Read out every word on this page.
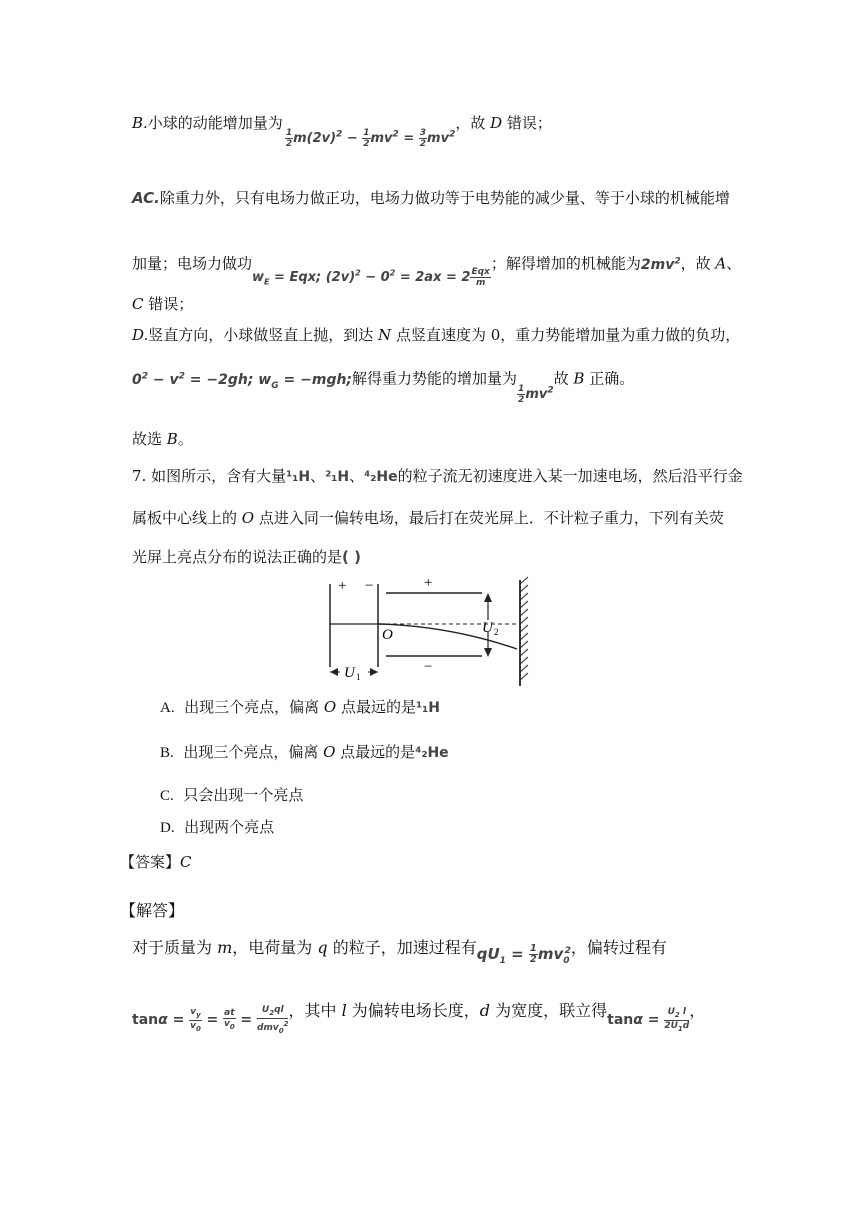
B.小球的动能增加量为
$\frac{1}{2} m(2v)^2 - \frac{1}{2} mv^2 = \frac{3}{2} mv^2$，故 D 错误；
AC.除重力外，只有电场力做正功，电场力做功等于电势能的减少量、等于小球的机械能增
加量；电场力做功$w_E$ = Eqx; $(2v)^2 - 0^2 = 2ax = 2 \frac{\text{Eqx}}{m}$
；解得增加的机械能为$2mv^2$，故 A、
C 错误；
D.竖直方向，小球做竖直上抛，到达 N 点竖直速度为 0，重力势能增加量为重力做的负功，
$0^2 - v^2 = -2gh$; $w_G = -mgh$;解得重力势能的增加量为
$\frac{1}{2} mv^2$故 B 正确。
故选 B。
7. 如图所示，含有大量¹₁H、²₁H、⁴₂He的粒子流无初速度进入某一加速电场，然后沿平行金
属板中心线上的 O 点进入同一偏转电场，最后打在荧光屏上．不计粒子重力，下列有关荧
光屏上亮点分布的说法正确的是( )
+ −	+
−
O	U 2
U 1
A. 出现三个亮点，偏离 O 点最远的是¹₁H
B. 出现三个亮点，偏离 O 点最远的是⁴₂He
C. 只会出现一个亮点
D. 出现两个亮点
【答案】C
【解答】
对于质量为 m，电荷量为 q 的粒子，加速过程有$qU_1 = \frac{1}{2} mv_0^2$，偏转过程有
$\tan\alpha = \frac{v_y}{v_0} = \frac{at}{v_0} = \frac{U_2ql}{dmv_0^2}$ ，其中 l 为偏转电场长度，d 为宽度，联立得$\tan\alpha = \frac{U_2 l}{2U_1d}$ ，
